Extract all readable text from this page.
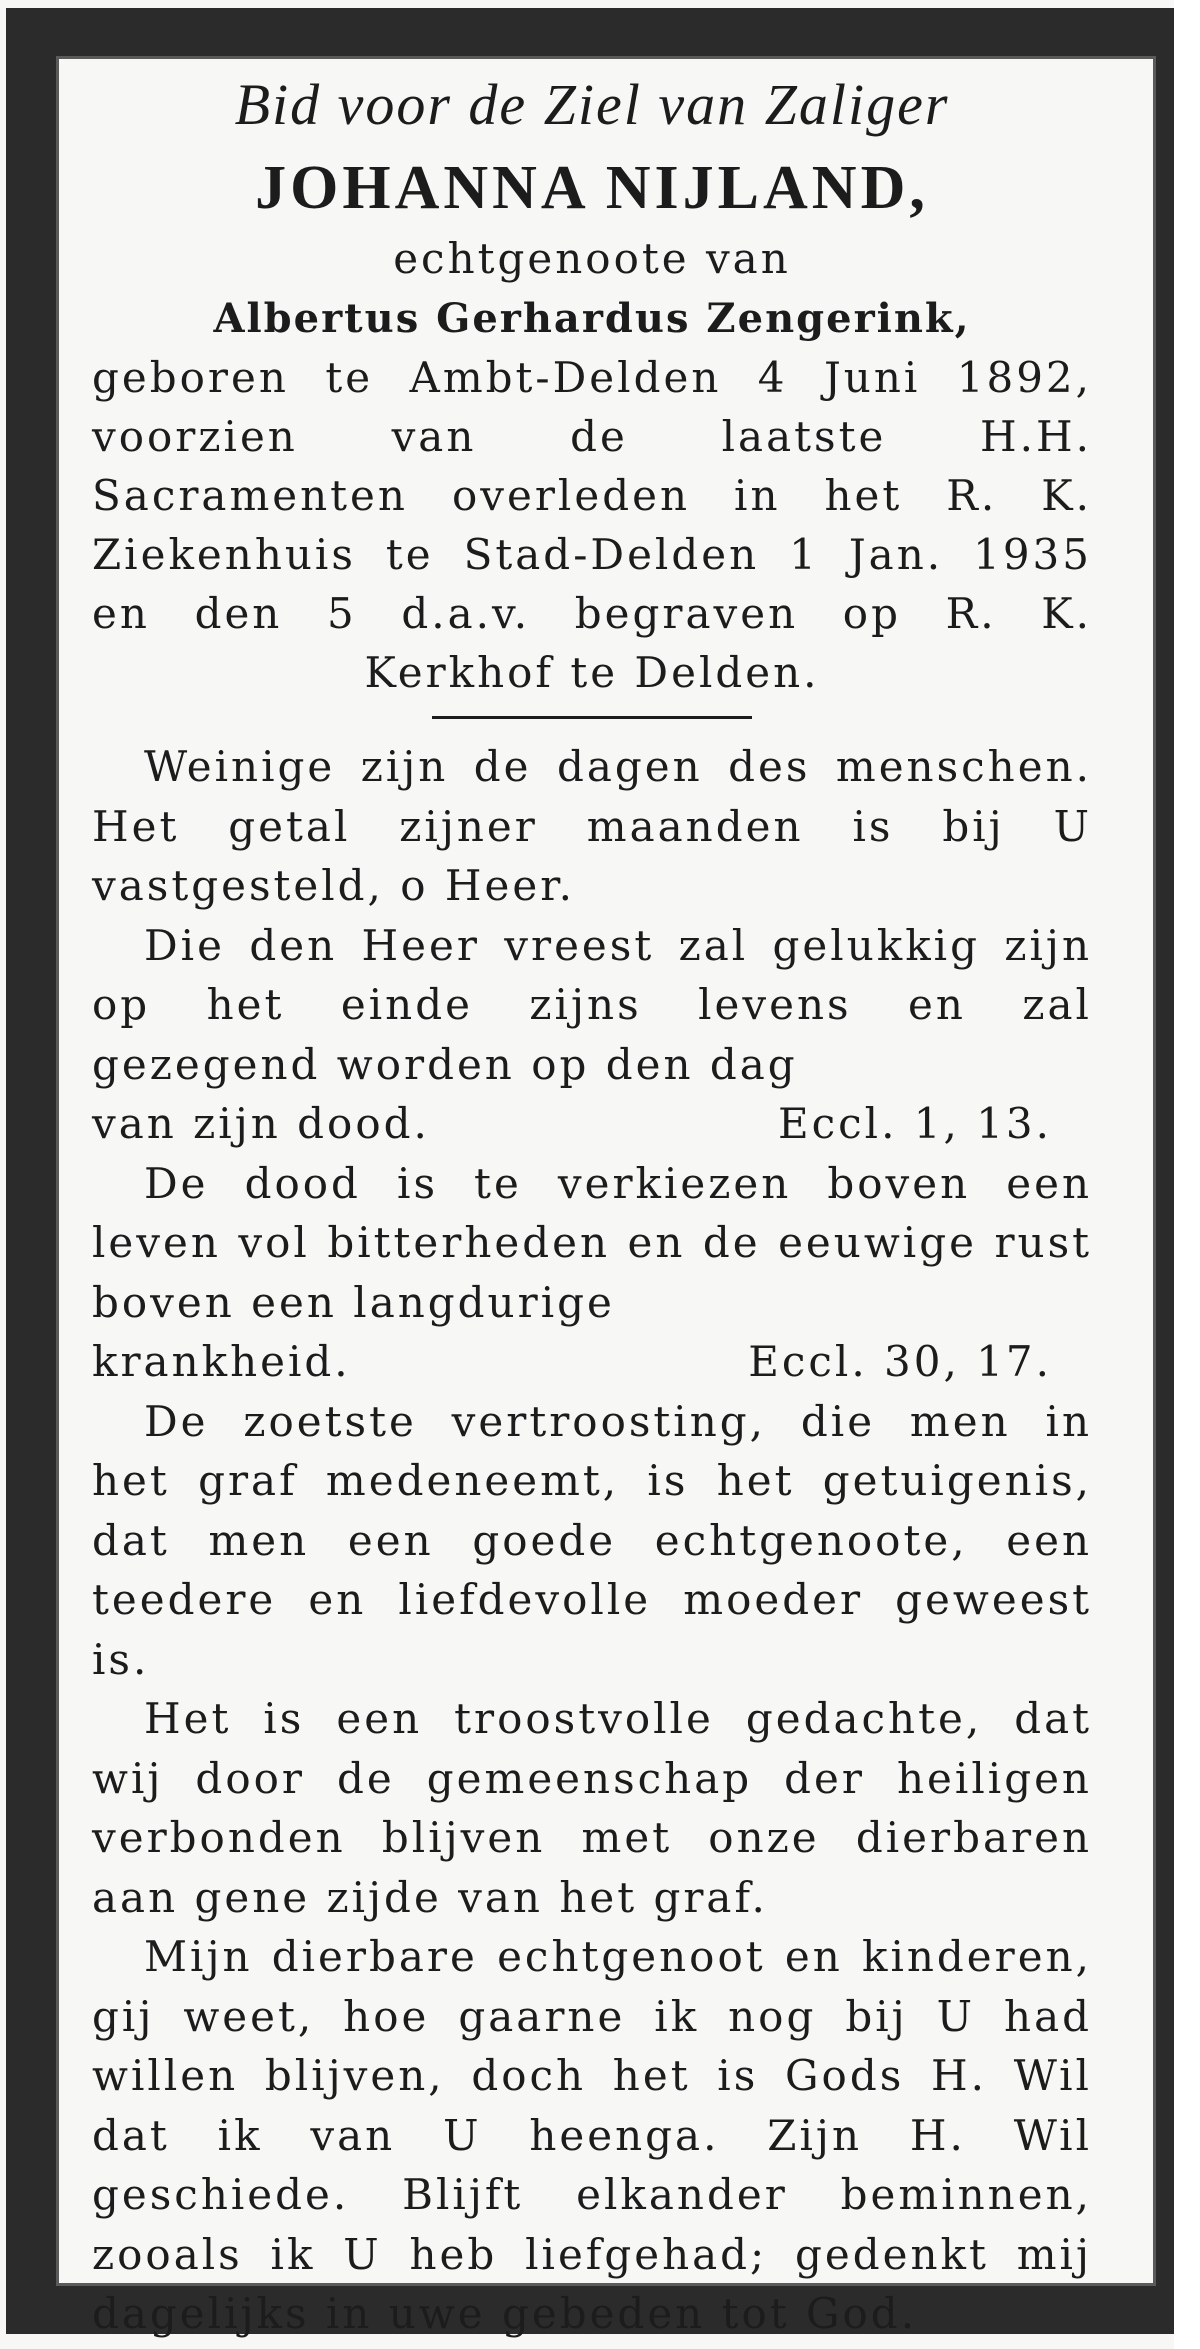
Bid voor de Ziel van Zaliger
JOHANNA NIJLAND,
echtgenoote van
Albertus Gerhardus Zengerink,
geboren te Ambt-Delden 4 Juni 1892, voorzien van de laatste H.H. Sacramenten overleden in het R. K. Ziekenhuis te Stad-Delden 1 Jan. 1935 en den 5 d.a.v. begraven op R. K. Kerkhof te Delden.

Weinige zijn de dagen des menschen. Het getal zijner maanden is bij U vastgesteld, o Heer.

Die den Heer vreest zal gelukkig zijn op het einde zijns levens en zal gezegend worden op den dag

van zijn dood.	Eccl. 1, 13.

De dood is te verkiezen boven een leven vol bitterheden en de eeuwige rust boven een langdurige

krankheid.	Eccl. 30, 17.

De zoetste vertroosting, die men in het graf medeneemt, is het getuigenis, dat men een goede echtgenoote, een teedere en liefdevolle moeder geweest is.

Het is een troostvolle gedachte, dat wij door de gemeenschap der heiligen verbonden blijven met onze dierbaren aan gene zijde van het graf.

Mijn dierbare echtgenoot en kinderen, gij weet, hoe gaarne ik nog bij U had willen blijven, doch het is Gods H. Wil dat ik van U heenga. Zijn H. Wil geschiede. Blijft elkander beminnen, zooals ik U heb liefgehad; gedenkt mij dagelijks in uwe gebeden tot God.
